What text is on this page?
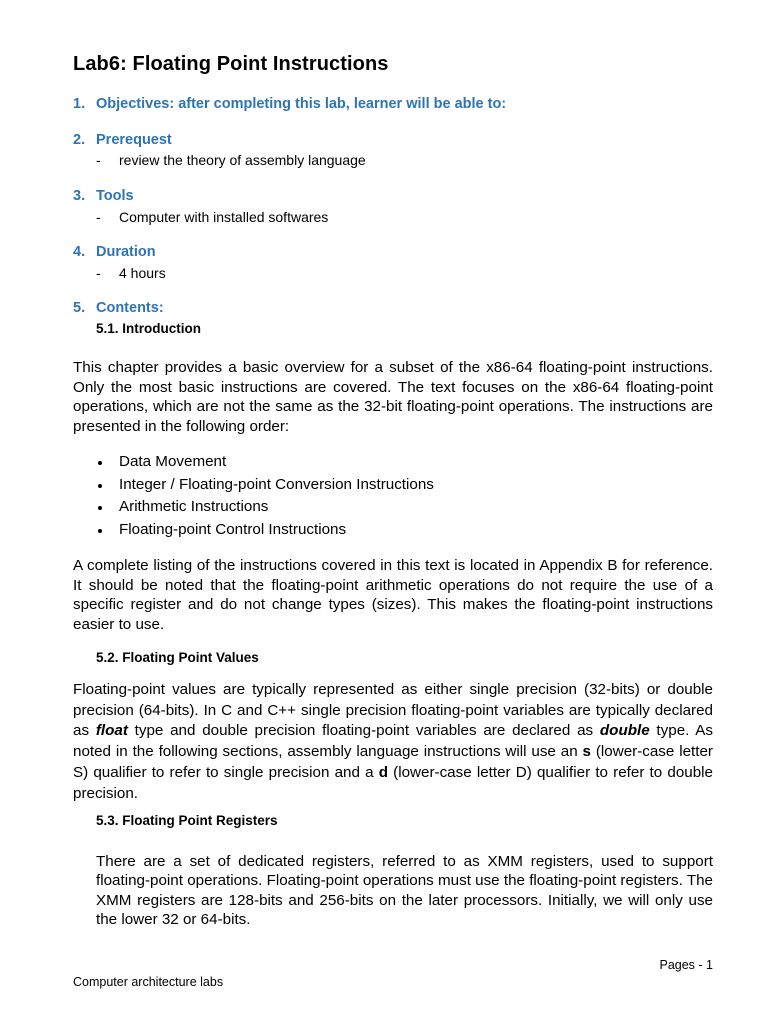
Lab6: Floating Point Instructions
1. Objectives: after completing this lab, learner will be able to:
2. Prerequest
- review the theory of assembly language
3. Tools
- Computer with installed softwares
4. Duration
- 4 hours
5. Contents:
5.1. Introduction
This chapter provides a basic overview for a subset of the x86-64 floating-point instructions. Only the most basic instructions are covered. The text focuses on the x86-64 floating-point operations, which are not the same as the 32-bit floating-point operations. The instructions are presented in the following order:
Data Movement
Integer / Floating-point Conversion Instructions
Arithmetic Instructions
Floating-point Control Instructions
A complete listing of the instructions covered in this text is located in Appendix B for reference. It should be noted that the floating-point arithmetic operations do not require the use of a specific register and do not change types (sizes). This makes the floating-point instructions easier to use.
5.2. Floating Point Values
Floating-point values are typically represented as either single precision (32-bits) or double precision (64-bits). In C and C++ single precision floating-point variables are typically declared as float type and double precision floating-point variables are declared as double type. As noted in the following sections, assembly language instructions will use an s (lower-case letter S) qualifier to refer to single precision and a d (lower-case letter D) qualifier to refer to double precision.
5.3. Floating Point Registers
There are a set of dedicated registers, referred to as XMM registers, used to support floating-point operations. Floating-point operations must use the floating-point registers. The XMM registers are 128-bits and 256-bits on the later processors. Initially, we will only use the lower 32 or 64-bits.
Pages - 1
Computer architecture labs
